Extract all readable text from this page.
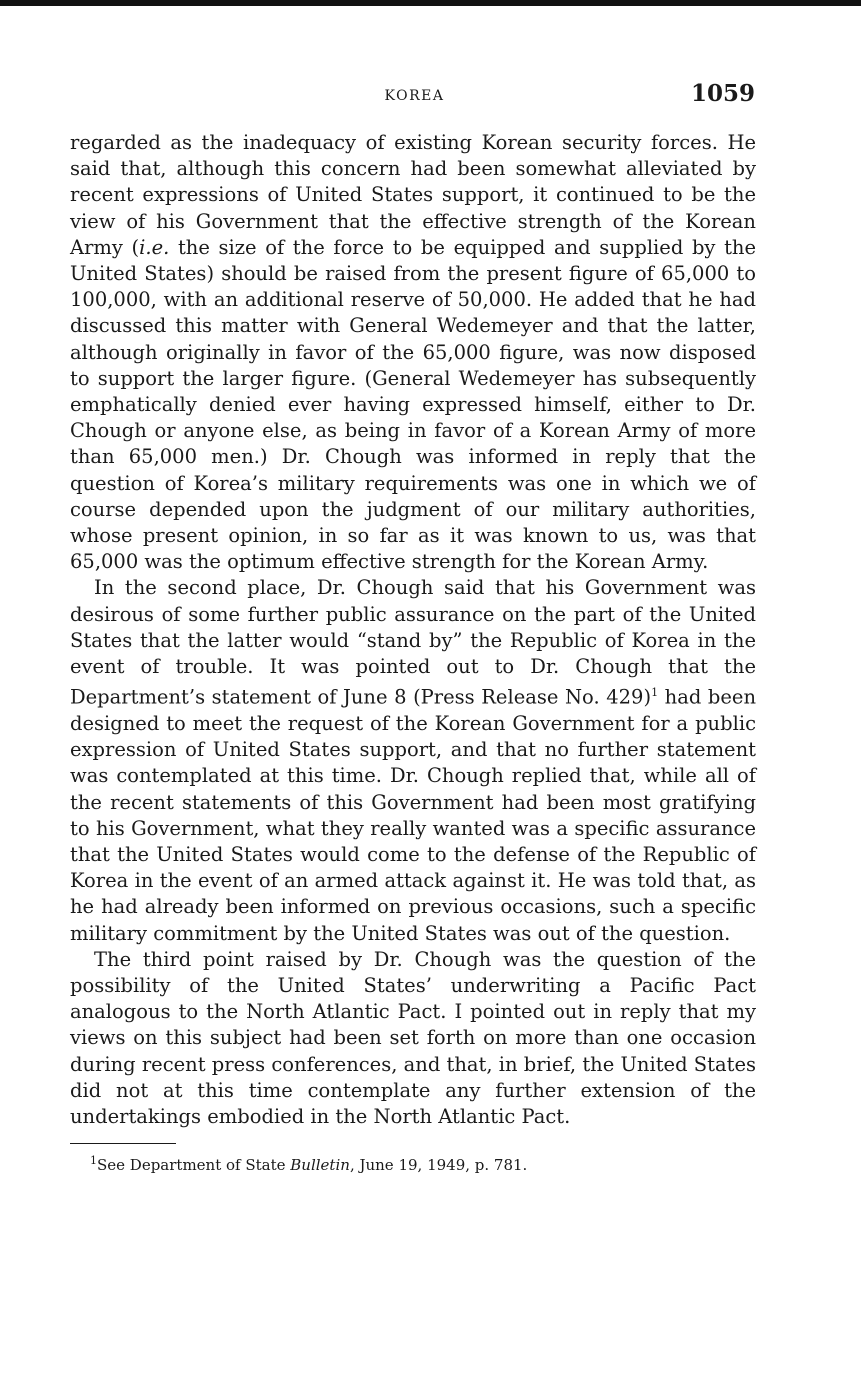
KOREA	1059

regarded as the inadequacy of existing Korean security forces. He said that, although this concern had been somewhat alleviated by recent expressions of United States support, it continued to be the view of his Government that the effective strength of the Korean Army (i.e. the size of the force to be equipped and supplied by the United States) should be raised from the present figure of 65,000 to 100,000, with an additional reserve of 50,000. He added that he had discussed this matter with General Wedemeyer and that the latter, although originally in favor of the 65,000 figure, was now disposed to support the larger figure. (General Wedemeyer has subsequently emphatically denied ever having expressed himself, either to Dr. Chough or anyone else, as being in favor of a Korean Army of more than 65,000 men.) Dr. Chough was informed in reply that the question of Korea’s military requirements was one in which we of course depended upon the judgment of our military authorities, whose present opinion, in so far as it was known to us, was that 65,000 was the optimum effective strength for the Korean Army.

In the second place, Dr. Chough said that his Government was desirous of some further public assurance on the part of the United States that the latter would “stand by” the Republic of Korea in the event of trouble. It was pointed out to Dr. Chough that the Department’s statement of June 8 (Press Release No. 429)$^1$ had been designed to meet the request of the Korean Government for a public expression of United States support, and that no further statement was contemplated at this time. Dr. Chough replied that, while all of the recent statements of this Government had been most gratifying to his Government, what they really wanted was a specific assurance that the United States would come to the defense of the Republic of Korea in the event of an armed attack against it. He was told that, as he had already been informed on previous occasions, such a specific military commitment by the United States was out of the question.

The third point raised by Dr. Chough was the question of the possibility of the United States’ underwriting a Pacific Pact analogous to the North Atlantic Pact. I pointed out in reply that my views on this subject had been set forth on more than one occasion during recent press conferences, and that, in brief, the United States did not at this time contemplate any further extension of the undertakings embodied in the North Atlantic Pact.

$^1$See Department of State Bulletin, June 19, 1949, p. 781.
